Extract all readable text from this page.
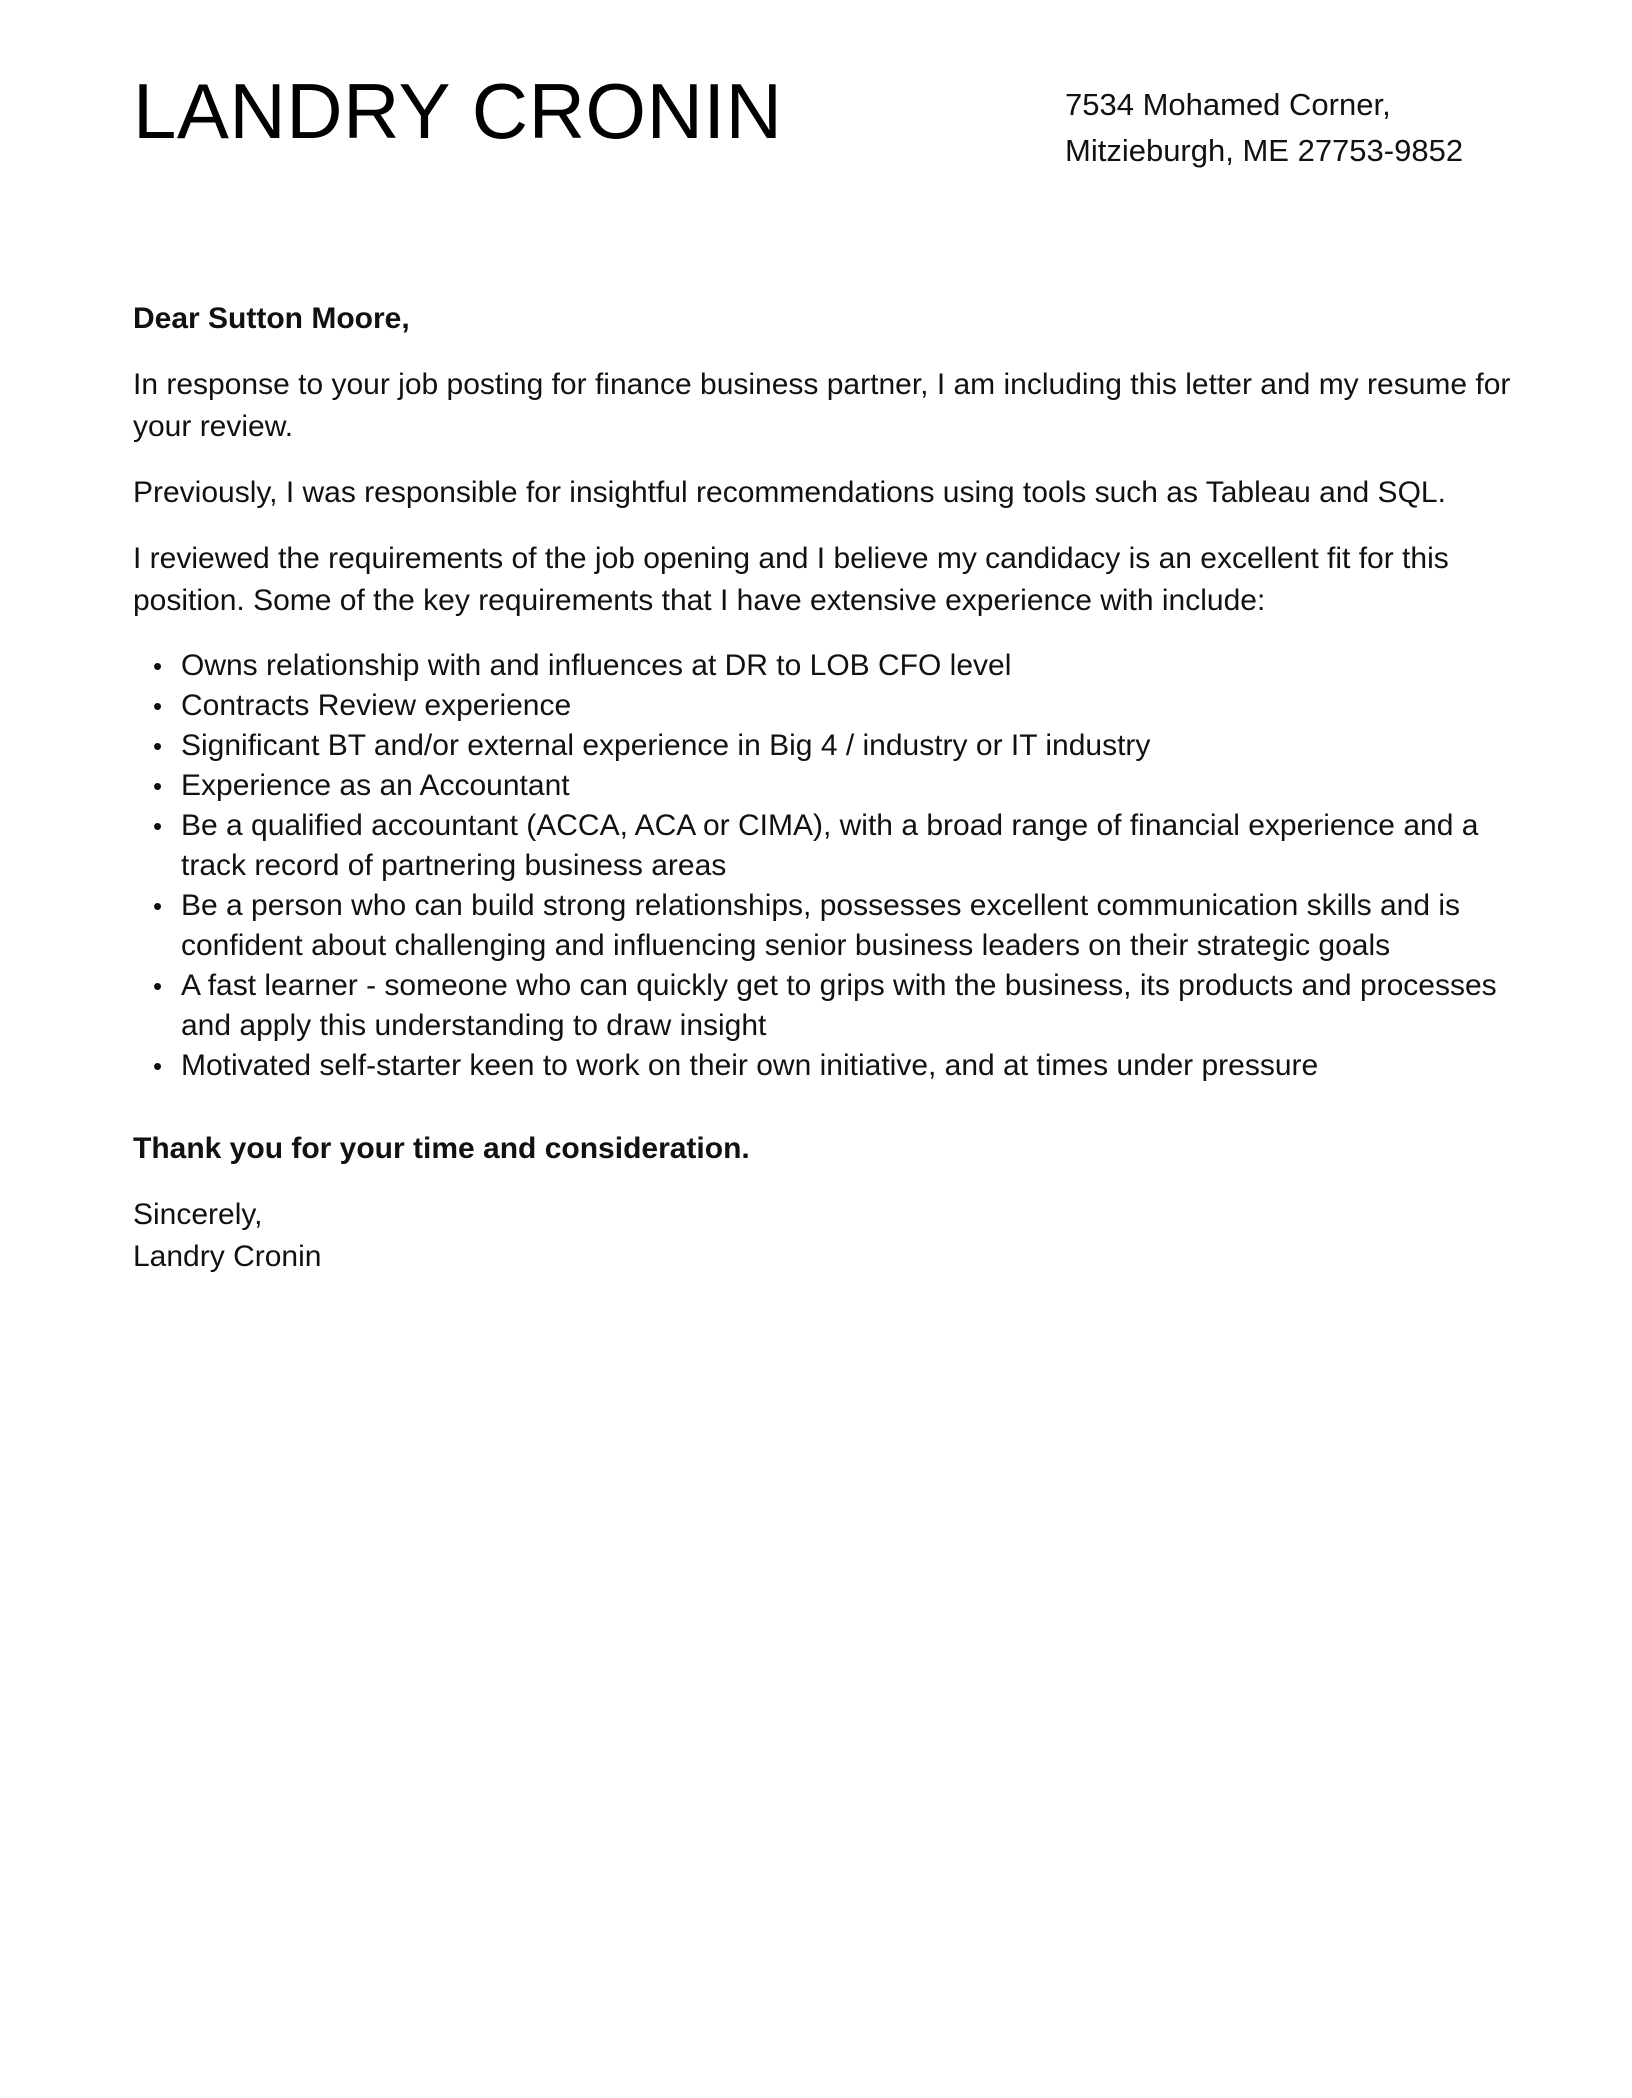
LANDRY CRONIN	7534 Mohamed Corner,
Mitzieburgh, ME 27753-9852

Dear Sutton Moore,

In response to your job posting for finance business partner, I am including this letter and my resume for your review.

Previously, I was responsible for insightful recommendations using tools such as Tableau and SQL.

I reviewed the requirements of the job opening and I believe my candidacy is an excellent fit for this position. Some of the key requirements that I have extensive experience with include:

• Owns relationship with and influences at DR to LOB CFO level
• Contracts Review experience
• Significant BT and/or external experience in Big 4 / industry or IT industry
• Experience as an Accountant
• Be a qualified accountant (ACCA, ACA or CIMA), with a broad range of financial experience and a track record of partnering business areas
• Be a person who can build strong relationships, possesses excellent communication skills and is confident about challenging and influencing senior business leaders on their strategic goals
• A fast learner - someone who can quickly get to grips with the business, its products and processes and apply this understanding to draw insight
• Motivated self-starter keen to work on their own initiative, and at times under pressure

Thank you for your time and consideration.

Sincerely,

Landry Cronin
